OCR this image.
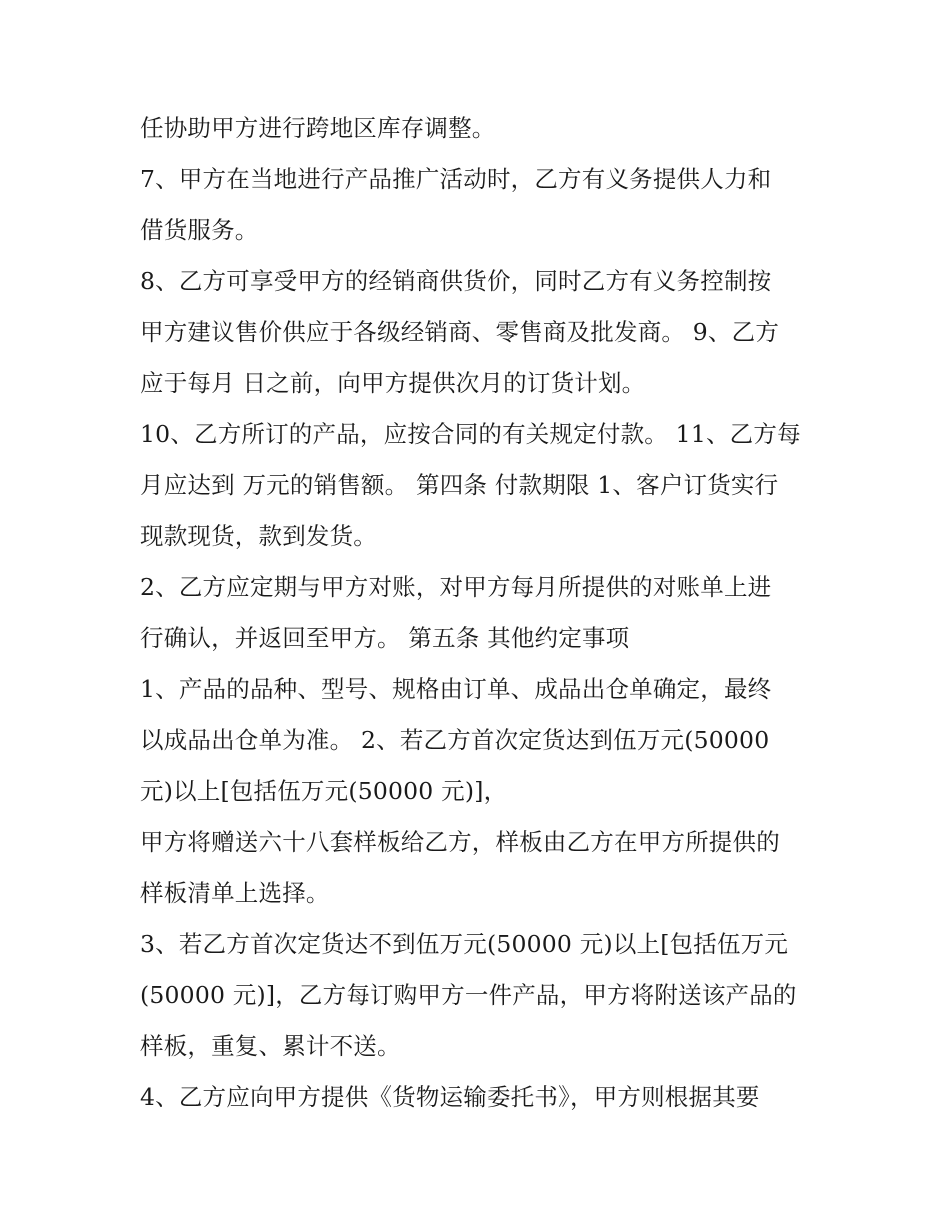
任协助甲方进行跨地区库存调整。
7、甲方在当地进行产品推广活动时，乙方有义务提供人力和
借货服务。
8、乙方可享受甲方的经销商供货价，同时乙方有义务控制按
甲方建议售价供应于各级经销商、零售商及批发商。 9、乙方
应于每月 日之前，向甲方提供次月的订货计划。
10、乙方所订的产品，应按合同的有关规定付款。 11、乙方每
月应达到 万元的销售额。 第四条 付款期限 1、客户订货实行
现款现货，款到发货。
2、乙方应定期与甲方对账，对甲方每月所提供的对账单上进
行确认，并返回至甲方。 第五条 其他约定事项
1、产品的品种、型号、规格由订单、成品出仓单确定，最终
以成品出仓单为准。 2、若乙方首次定货达到伍万元(50000
元)以上[包括伍万元(50000 元)]，
甲方将赠送六十八套样板给乙方，样板由乙方在甲方所提供的
样板清单上选择。
3、若乙方首次定货达不到伍万元(50000 元)以上[包括伍万元
(50000 元)]，乙方每订购甲方一件产品，甲方将附送该产品的
样板，重复、累计不送。
4、乙方应向甲方提供《货物运输委托书》，甲方则根据其要
